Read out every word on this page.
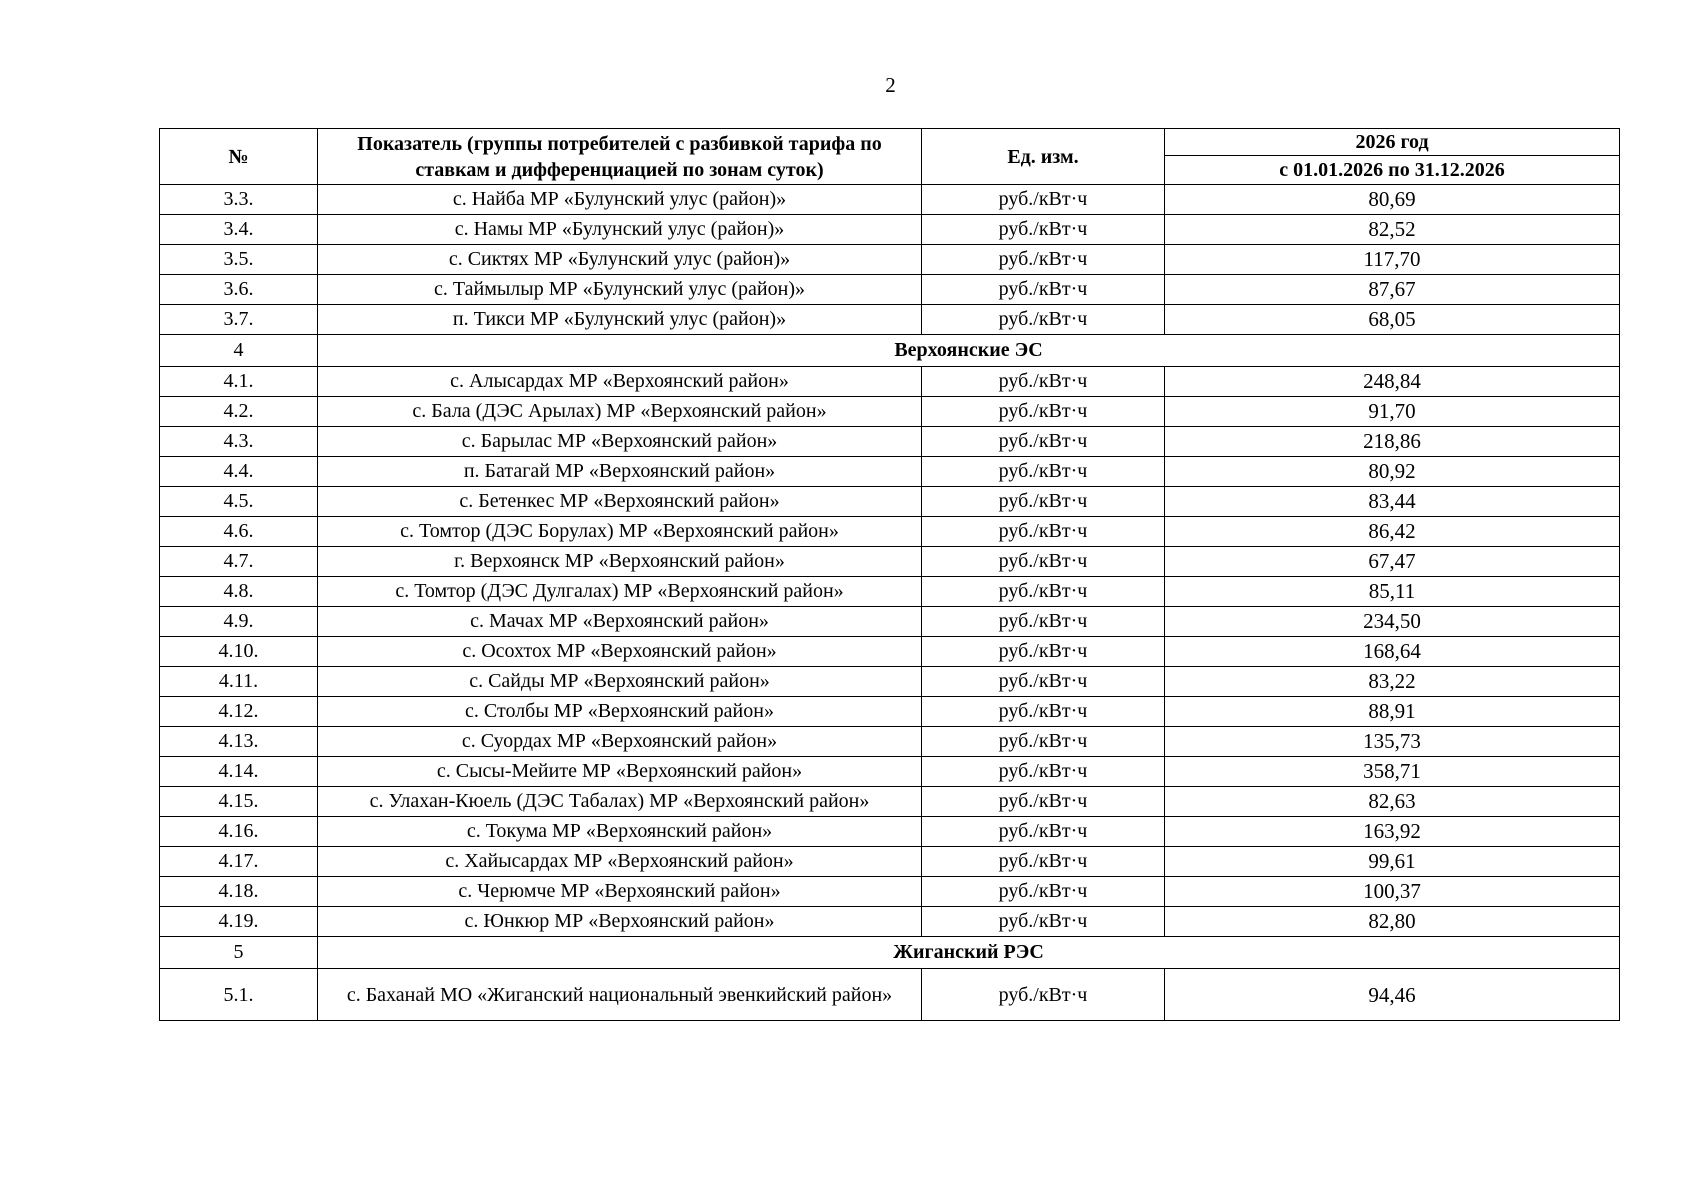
2
№	Показатель (группы потребителей с разбивкой тарифа по ставкам и дифференциацией по зонам суток)	Ед. изм.	2026 год
			с 01.01.2026 по 31.12.2026
3.3.	с. Найба МР «Булунский улус (район)»	руб./кВт·ч	80,69
3.4.	с. Намы МР «Булунский улус (район)»	руб./кВт·ч	82,52
3.5.	с. Сиктях МР «Булунский улус (район)»	руб./кВт·ч	117,70
3.6.	с. Таймылыр МР «Булунский улус (район)»	руб./кВт·ч	87,67
3.7.	п. Тикси МР «Булунский улус (район)»	руб./кВт·ч	68,05
4	Верхоянские ЭС		
4.1.	с. Алысардах МР «Верхоянский район»	руб./кВт·ч	248,84
4.2.	с. Бала (ДЭС Арылах) МР «Верхоянский район»	руб./кВт·ч	91,70
4.3.	с. Барылас МР «Верхоянский район»	руб./кВт·ч	218,86
4.4.	п. Батагай МР «Верхоянский район»	руб./кВт·ч	80,92
4.5.	с. Бетенкес МР «Верхоянский район»	руб./кВт·ч	83,44
4.6.	с. Томтор (ДЭС Борулах) МР «Верхоянский район»	руб./кВт·ч	86,42
4.7.	г. Верхоянск МР «Верхоянский район»	руб./кВт·ч	67,47
4.8.	с. Томтор (ДЭС Дулгалах) МР «Верхоянский район»	руб./кВт·ч	85,11
4.9.	с. Мачах МР «Верхоянский район»	руб./кВт·ч	234,50
4.10.	с. Осохтох МР «Верхоянский район»	руб./кВт·ч	168,64
4.11.	с. Сайды МР «Верхоянский район»	руб./кВт·ч	83,22
4.12.	с. Столбы МР «Верхоянский район»	руб./кВт·ч	88,91
4.13.	с. Суордах МР «Верхоянский район»	руб./кВт·ч	135,73
4.14.	с. Сысы-Мейите МР «Верхоянский район»	руб./кВт·ч	358,71
4.15.	с. Улахан-Кюель (ДЭС Табалах) МР «Верхоянский район»	руб./кВт·ч	82,63
4.16.	с. Токума МР «Верхоянский район»	руб./кВт·ч	163,92
4.17.	с. Хайысардах МР «Верхоянский район»	руб./кВт·ч	99,61
4.18.	с. Черюмче МР «Верхоянский район»	руб./кВт·ч	100,37
4.19.	с. Юнкюр МР «Верхоянский район»	руб./кВт·ч	82,80
5	Жиганский РЭС		
5.1.	с. Баханай МО «Жиганский национальный эвенкийский район»	руб./кВт·ч	94,46
